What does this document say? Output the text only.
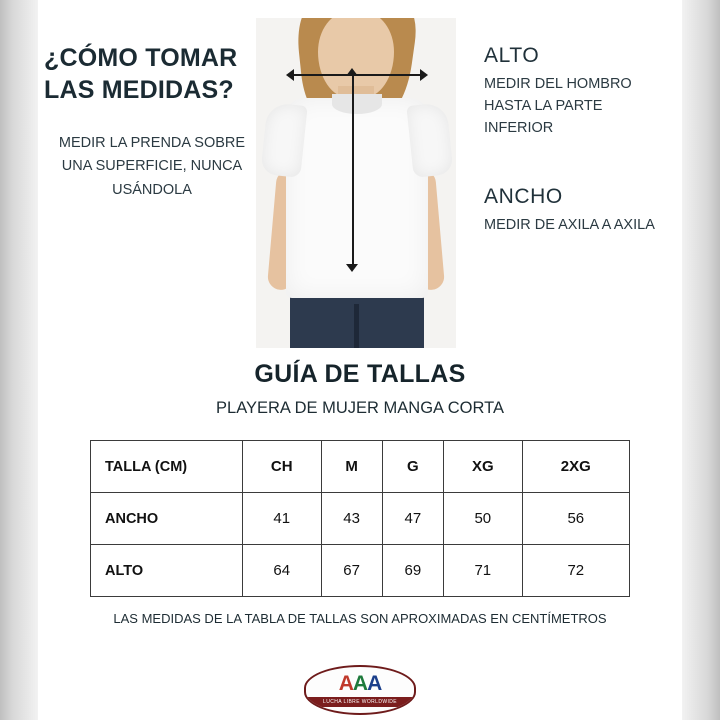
¿CÓMO TOMAR
LAS MEDIDAS?
MEDIR LA PRENDA SOBRE UNA SUPERFICIE, NUNCA USÁNDOLA
ALTO
MEDIR DEL HOMBRO HASTA LA PARTE INFERIOR
ANCHO
MEDIR DE AXILA A AXILA
GUÍA DE TALLAS
PLAYERA DE MUJER MANGA CORTA
TALLA (CM)	CH	M	G	XG	2XG
ANCHO	41	43	47	50	56
ALTO	64	67	69	71	72
LAS MEDIDAS DE LA TABLA DE TALLAS SON APROXIMADAS EN CENTÍMETROS
AAA
LUCHA LIBRE WORLDWIDE
